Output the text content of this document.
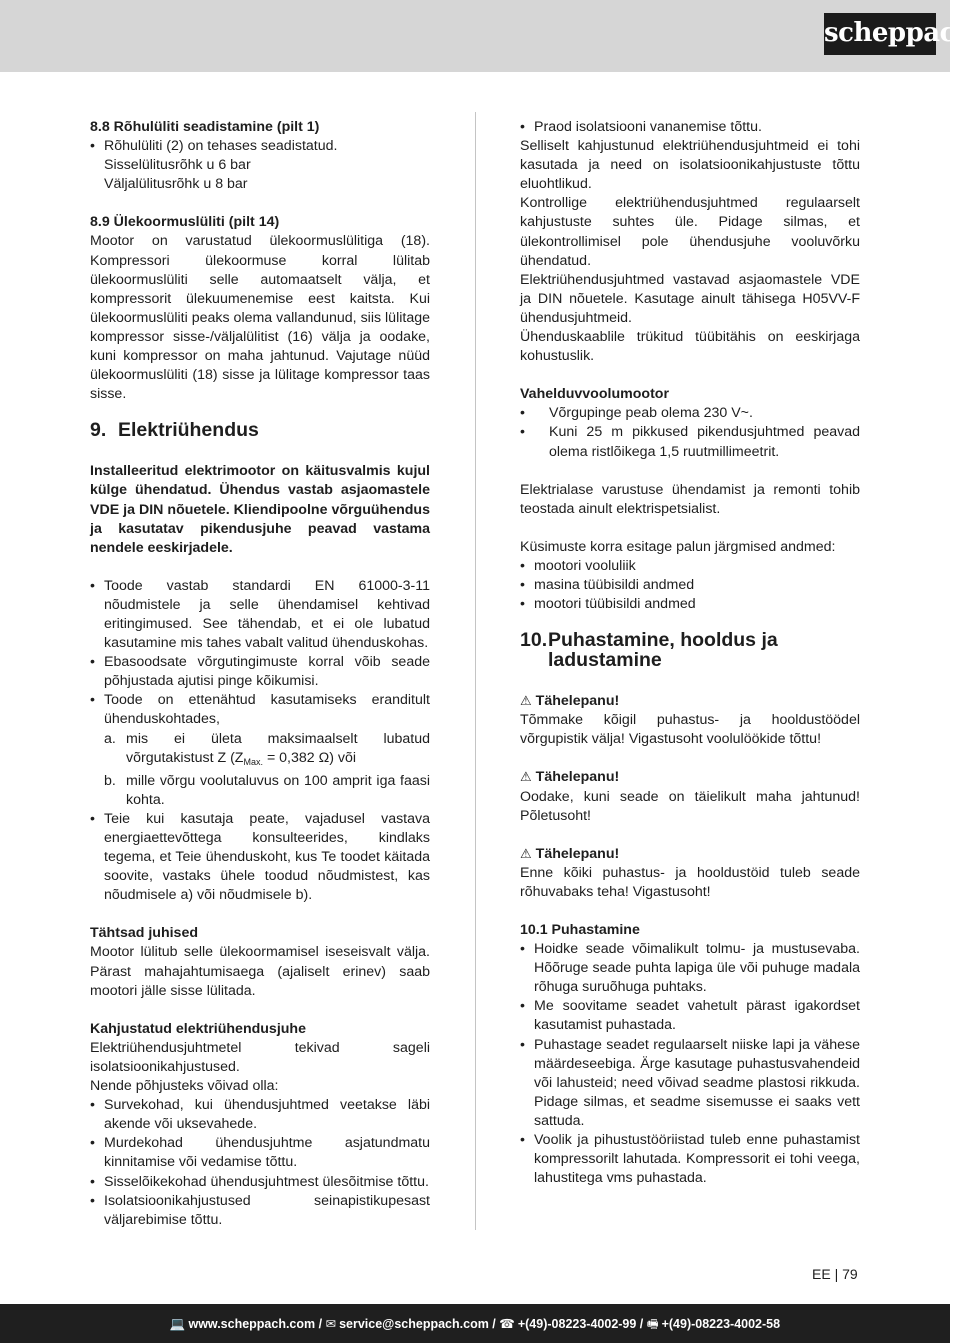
scheppach

8.8 Rõhulüliti seadistamine (pilt 1)

• Rõhulüliti (2) on tehases seadistatud.

Sisselülitusrõhk u 6 bar

Väljalülitusrõhk u 8 bar

8.9 Ülekoormuslüliti (pilt 14)

Mootor on varustatud ülekoormuslülitiga (18). Kompressori ülekoormuse korral lülitab ülekoormuslüliti selle automaatselt välja, et kompressorit ülekuumenemise eest kaitsta. Kui ülekoormuslüliti peaks olema vallandunud, siis lülitage kompressor sisse-/väljalülitist (16) välja ja oodake, kuni kompressor on maha jahtunud. Vajutage nüüd ülekoormuslüliti (18) sisse ja lülitage kompressor taas sisse.

9. Elektriühendus

Installeeritud elektrimootor on käitusvalmis kujul külge ühendatud. Ühendus vastab asjaomastele VDE ja DIN nõuetele. Kliendipoolne võrguühendus ja kasutatav pikendusjuhe peavad vastama nendele eeskirjadele.

• Toode vastab standardi EN 61000-3-11 nõudmistele ja selle ühendamisel kehtivad eritingimused. See tähendab, et ei ole lubatud kasutamine mis tahes vabalt valitud ühenduskohas.
• Ebasoodsate võrgutingimuste korral võib seade põhjustada ajutisi pinge kõikumisi.
• Toode on ettenähtud kasutamiseks eranditult ühenduskohtades,
a. mis ei ületa maksimaalselt lubatud võrgutakistust Z ($Z_{Max.} = 0,382$ Ω) või
b. mille võrgu voolutaluvus on 100 amprit iga faasi kohta.
• Teie kui kasutaja peate, vajadusel vastava energiaettevõttega konsulteerides, kindlaks tegema, et Teie ühenduskoht, kus Te toodet käitada soovite, vastaks ühele toodud nõudmistest, kas nõudmisele a) või nõudmisele b).

Tähtsad juhised

Mootor lülitub selle ülekoormamisel iseseisvalt välja. Pärast mahajahtumisaega (ajaliselt erinev) saab mootori jälle sisse lülitada.

Kahjustatud elektriühendusjuhe

Elektriühendusjuhtmetel tekivad sageli isolatsioonikahjustused.

Nende põhjusteks võivad olla:

• Survekohad, kui ühendusjuhtmed veetakse läbi akende või uksevahede.
• Murdekohad ühendusjuhtme asjatundmatu kinnitamise või vedamise tõttu.
• Sisselõikekohad ühendusjuhtmest ülesõitmise tõttu.
• Isolatsioonikahjustused seinapistikupesast väljarebimise tõttu.
• Praod isolatsiooni vananemise tõttu.

Selliselt kahjustunud elektriühendusjuhtmeid ei tohi kasutada ja need on isolatsioonikahjustuste tõttu eluohtlikud.

Kontrollige elektriühendusjuhtmed regulaarselt kahjustuste suhtes üle. Pidage silmas, et ülekontrollimisel pole ühendusjuhe vooluvõrku ühendatud.

Elektriühendusjuhtmed vastavad asjaomastele VDE ja DIN nõuetele. Kasutage ainult tähisega H05VV-F ühendusjuhtmeid.

Ühenduskaablile trükitud tüübitähis on eeskirjaga kohustuslik.

Vahelduvvoolumootor

• Võrgupinge peab olema 230 V~.
• Kuni 25 m pikkused pikendusjuhtmed peavad olema ristlõikega 1,5 ruutmillimeetrit.

Elektrialase varustuse ühendamist ja remonti tohib teostada ainult elektrispetsialist.

Küsimuste korra esitage palun järgmised andmed:

• mootori vooluliik
• masina tüübisildi andmed
• mootori tüübisildi andmed
10. Puhastamine, hooldus ja ladustamine

⚠ Tähelepanu!

Tõmmake kõigil puhastus- ja hooldustöödel võrgupistik välja! Vigastusoht voolulöökide tõttu!

⚠ Tähelepanu!

Oodake, kuni seade on täielikult maha jahtunud! Põletusoht!

⚠ Tähelepanu!

Enne kõiki puhastus- ja hooldustöid tuleb seade rõhuvabaks teha! Vigastusoht!

10.1 Puhastamine

• Hoidke seade võimalikult tolmu- ja mustusevaba. Hõõruge seade puhta lapiga üle või puhuge madala rõhuga suruõhuga puhtaks.
• Me soovitame seadet vahetult pärast igakordset kasutamist puhastada.
• Puhastage seadet regulaarselt niiske lapi ja vähese määrdeseebiga. Ärge kasutage puhastusvahendeid või lahusteid; need võivad seadme plastosi rikkuda. Pidage silmas, et seadme sisemusse ei saaks vett sattuda.
• Voolik ja pihustustööriistad tuleb enne puhastamist kompressorilt lahutada. Kompressorit ei tohi veega, lahustitega vms puhastada.
EE | 79
💻 www.scheppach.com / ✉ service@scheppach.com / ☎ +(49)-08223-4002-99 / 🖷 +(49)-08223-4002-58
